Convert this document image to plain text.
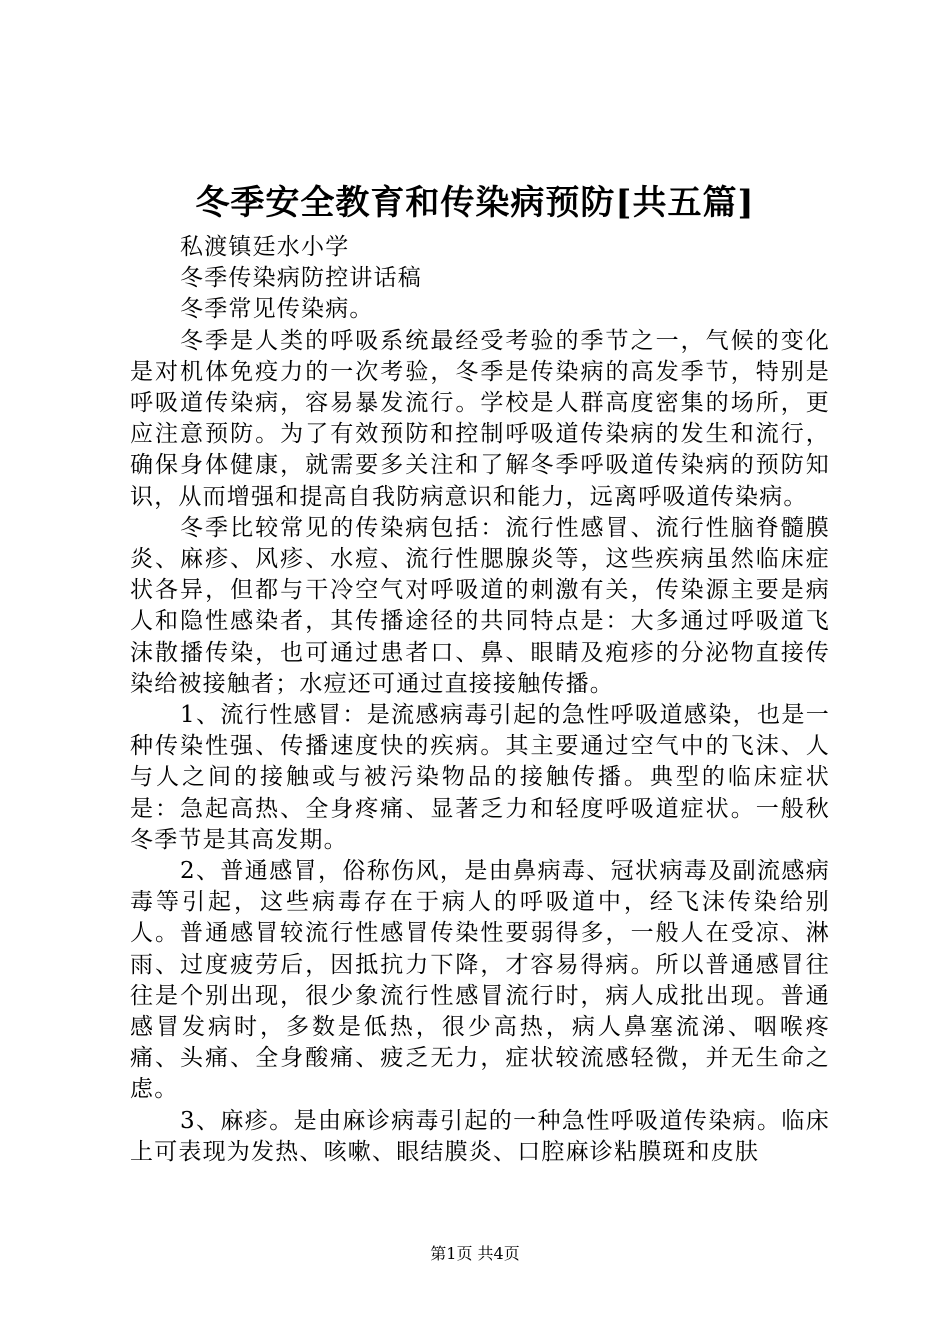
冬季安全教育和传染病预防[共五篇]

私渡镇廷水小学

冬季传染病防控讲话稿

冬季常见传染病。

冬季是人类的呼吸系统最经受考验的季节之一，气候的变化是对机体免疫力的一次考验，冬季是传染病的高发季节，特别是呼吸道传染病，容易暴发流行。学校是人群高度密集的场所，更应注意预防。为了有效预防和控制呼吸道传染病的发生和流行，确保身体健康，就需要多关注和了解冬季呼吸道传染病的预防知识，从而增强和提高自我防病意识和能力，远离呼吸道传染病。

冬季比较常见的传染病包括：流行性感冒、流行性脑脊髓膜炎、麻疹、风疹、水痘、流行性腮腺炎等，这些疾病虽然临床症状各异，但都与干冷空气对呼吸道的刺激有关，传染源主要是病人和隐性感染者，其传播途径的共同特点是：大多通过呼吸道飞沫散播传染，也可通过患者口、鼻、眼睛及疱疹的分泌物直接传染给被接触者；水痘还可通过直接接触传播。

1、流行性感冒：是流感病毒引起的急性呼吸道感染，也是一种传染性强、传播速度快的疾病。其主要通过空气中的飞沫、人与人之间的接触或与被污染物品的接触传播。典型的临床症状是：急起高热、全身疼痛、显著乏力和轻度呼吸道症状。一般秋冬季节是其高发期。

2、普通感冒，俗称伤风，是由鼻病毒、冠状病毒及副流感病毒等引起，这些病毒存在于病人的呼吸道中，经飞沫传染给别人。普通感冒较流行性感冒传染性要弱得多，一般人在受凉、淋雨、过度疲劳后，因抵抗力下降，才容易得病。所以普通感冒往往是个别出现，很少象流行性感冒流行时，病人成批出现。普通感冒发病时，多数是低热，很少高热，病人鼻塞流涕、咽喉疼痛、头痛、全身酸痛、疲乏无力，症状较流感轻微，并无生命之虑。

3、麻疹。是由麻诊病毒引起的一种急性呼吸道传染病。临床上可表现为发热、咳嗽、眼结膜炎、口腔麻诊粘膜斑和皮肤

第1页 共4页
